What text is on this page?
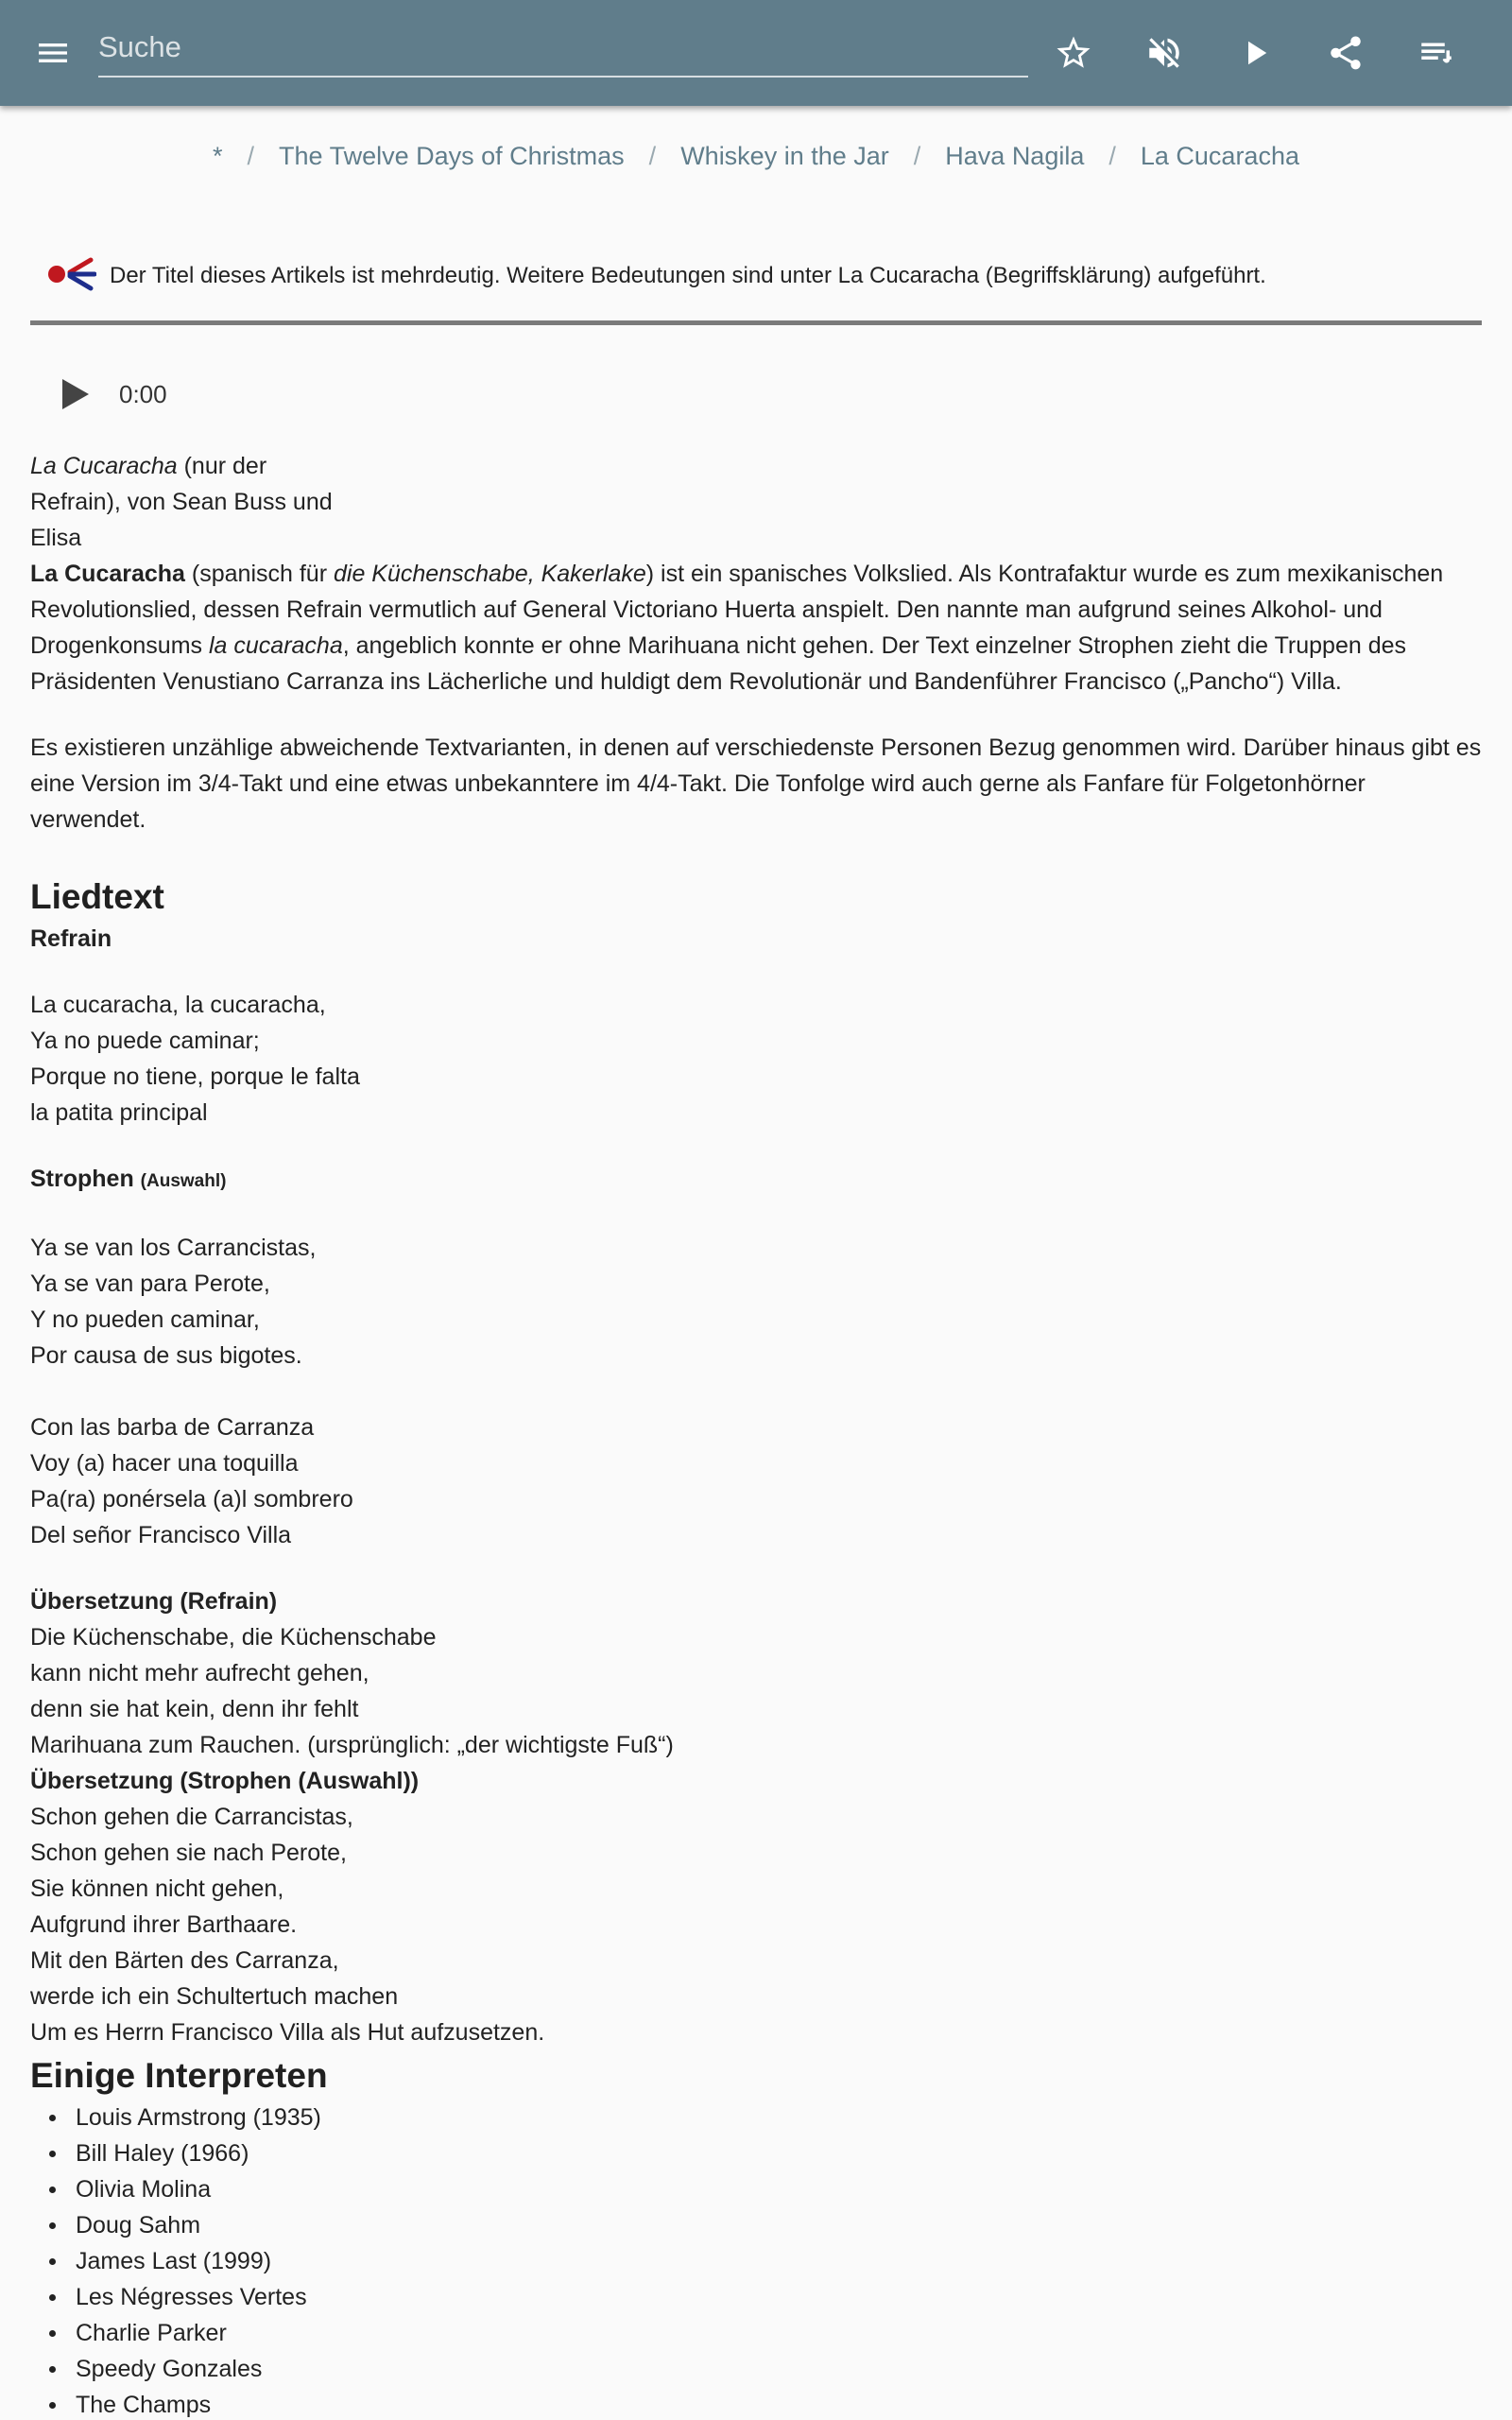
Suche
* / The Twelve Days of Christmas / Whiskey in the Jar / Hava Nagila / La Cucaracha
Der Titel dieses Artikels ist mehrdeutig. Weitere Bedeutungen sind unter La Cucaracha (Begriffsklärung) aufgeführt.
0:00

La Cucaracha (nur der Refrain), von Sean Buss und Elisa

La Cucaracha (spanisch für die Küchenschabe, Kakerlake) ist ein spanisches Volkslied. Als Kontrafaktur wurde es zum mexikanischen Revolutionslied, dessen Refrain vermutlich auf General Victoriano Huerta anspielt. Den nannte man aufgrund seines Alkohol- und Drogenkonsums la cucaracha, angeblich konnte er ohne Marihuana nicht gehen. Der Text einzelner Strophen zieht die Truppen des Präsidenten Venustiano Carranza ins Lächerliche und huldigt dem Revolutionär und Bandenführer Francisco („Pancho“) Villa.

Es existieren unzählige abweichende Textvarianten, in denen auf verschiedenste Personen Bezug genommen wird. Darüber hinaus gibt es eine Version im 3/4-Takt und eine etwas unbekanntere im 4/4-Takt. Die Tonfolge wird auch gerne als Fanfare für Folgetonhörner verwendet.

Liedtext

Refrain

La cucaracha, la cucaracha,

Ya no puede caminar;

Porque no tiene, porque le falta

la patita principal

Strophen (Auswahl)

Ya se van los Carrancistas,

Ya se van para Perote,

Y no pueden caminar,

Por causa de sus bigotes.

Con las barba de Carranza

Voy (a) hacer una toquilla

Pa(ra) ponérsela (a)l sombrero

Del señor Francisco Villa

Übersetzung (Refrain)

Die Küchenschabe, die Küchenschabe

kann nicht mehr aufrecht gehen,

denn sie hat kein, denn ihr fehlt

Marihuana zum Rauchen. (ursprünglich: „der wichtigste Fuß“)

Übersetzung (Strophen (Auswahl))

Schon gehen die Carrancistas,

Schon gehen sie nach Perote,

Sie können nicht gehen,

Aufgrund ihrer Barthaare.

Mit den Bärten des Carranza,

werde ich ein Schultertuch machen

Um es Herrn Francisco Villa als Hut aufzusetzen.

Einige Interpreten
Louis Armstrong (1935)
Bill Haley (1966)
Olivia Molina
Doug Sahm
James Last (1999)
Les Négresses Vertes
Charlie Parker
Speedy Gonzales
The Champs
